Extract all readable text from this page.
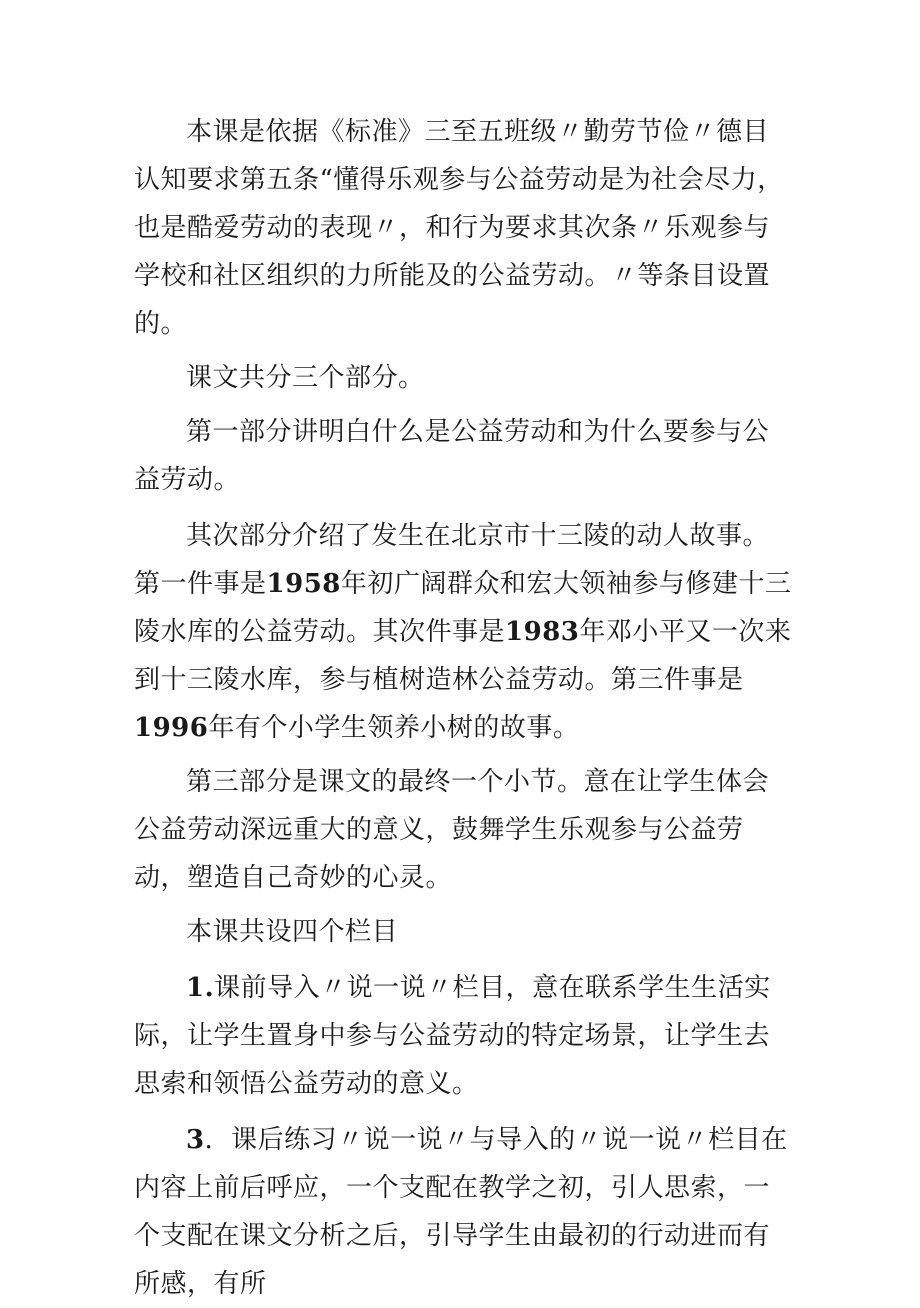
本课是依据《标准》三至五班级〃勤劳节俭〃德目认知要求第五条“懂得乐观参与公益劳动是为社会尽力，也是酷爱劳动的表现〃，和行为要求其次条〃乐观参与学校和社区组织的力所能及的公益劳动。〃等条目设置的。

课文共分三个部分。

第一部分讲明白什么是公益劳动和为什么要参与公益劳动。

其次部分介绍了发生在北京市十三陵的动人故事。第一件事是1958年初广阔群众和宏大领袖参与修建十三陵水库的公益劳动。其次件事是1983年邓小平又一次来到十三陵水库，参与植树造林公益劳动。第三件事是1996年有个小学生领养小树的故事。

第三部分是课文的最终一个小节。意在让学生体会公益劳动深远重大的意义，鼓舞学生乐观参与公益劳动，塑造自己奇妙的心灵。

本课共设四个栏目

1.课前导入〃说一说〃栏目，意在联系学生生活实际，让学生置身中参与公益劳动的特定场景，让学生去思索和领悟公益劳动的意义。

3．课后练习〃说一说〃与导入的〃说一说〃栏目在内容上前后呼应，一个支配在教学之初，引人思索，一个支配在课文分析之后，引导学生由最初的行动进而有所感，有所
